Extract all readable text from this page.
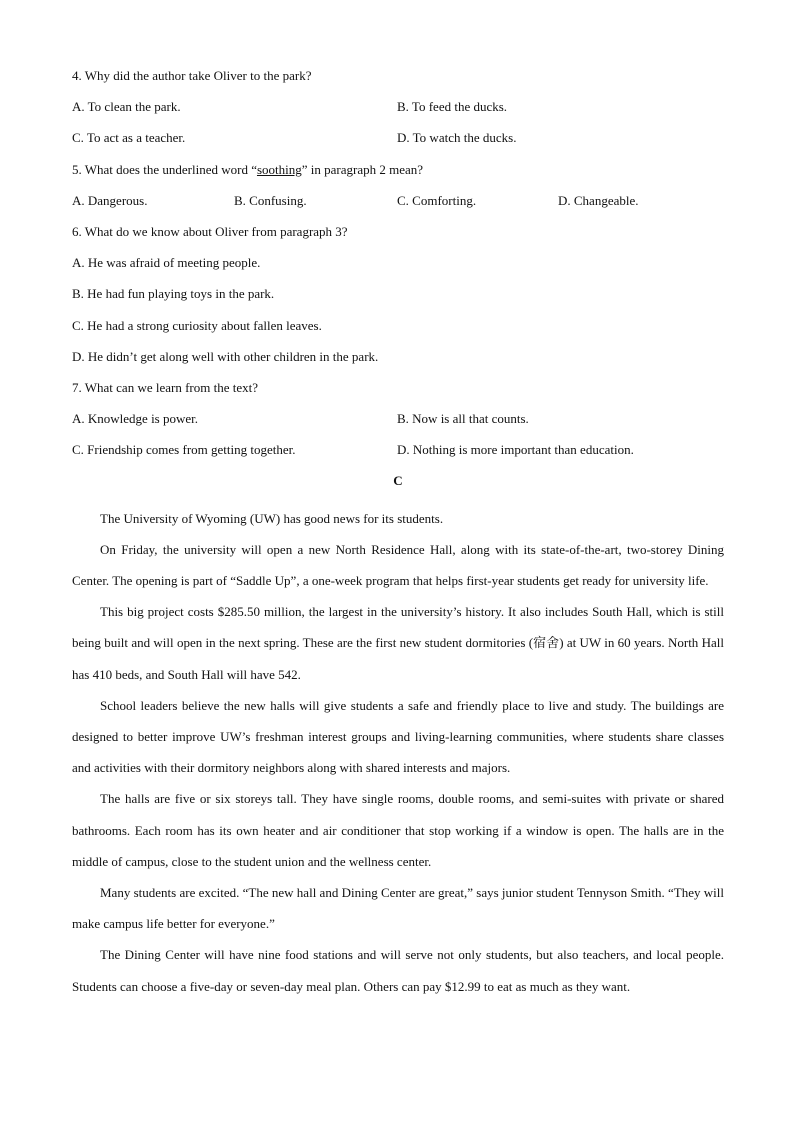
4. Why did the author take Oliver to the park?
A. To clean the park.	B. To feed the ducks.
C. To act as a teacher.	D. To watch the ducks.
5. What does the underlined word “soothing” in paragraph 2 mean?
A. Dangerous.	B. Confusing.	C. Comforting.	D. Changeable.
6. What do we know about Oliver from paragraph 3?
A. He was afraid of meeting people.
B. He had fun playing toys in the park.
C. He had a strong curiosity about fallen leaves.
D. He didn’t get along well with other children in the park.
7. What can we learn from the text?
A. Knowledge is power.	B. Now is all that counts.
C. Friendship comes from getting together.	D. Nothing is more important than education.
C

The University of Wyoming (UW) has good news for its students.

On Friday, the university will open a new North Residence Hall, along with its state-of-the-art, two-storey Dining Center. The opening is part of “Saddle Up”, a one-week program that helps first-year students get ready for university life.

This big project costs $285.50 million, the largest in the university’s history. It also includes South Hall, which is still being built and will open in the next spring. These are the first new student dormitories (宿舍) at UW in 60 years. North Hall has 410 beds, and South Hall will have 542.

School leaders believe the new halls will give students a safe and friendly place to live and study. The buildings are designed to better improve UW’s freshman interest groups and living-learning communities, where students share classes and activities with their dormitory neighbors along with shared interests and majors.

The halls are five or six storeys tall. They have single rooms, double rooms, and semi-suites with private or shared bathrooms. Each room has its own heater and air conditioner that stop working if a window is open. The halls are in the middle of campus, close to the student union and the wellness center.

Many students are excited. “The new hall and Dining Center are great,” says junior student Tennyson Smith. “They will make campus life better for everyone.”

The Dining Center will have nine food stations and will serve not only students, but also teachers, and local people. Students can choose a five-day or seven-day meal plan. Others can pay $12.99 to eat as much as they want.
